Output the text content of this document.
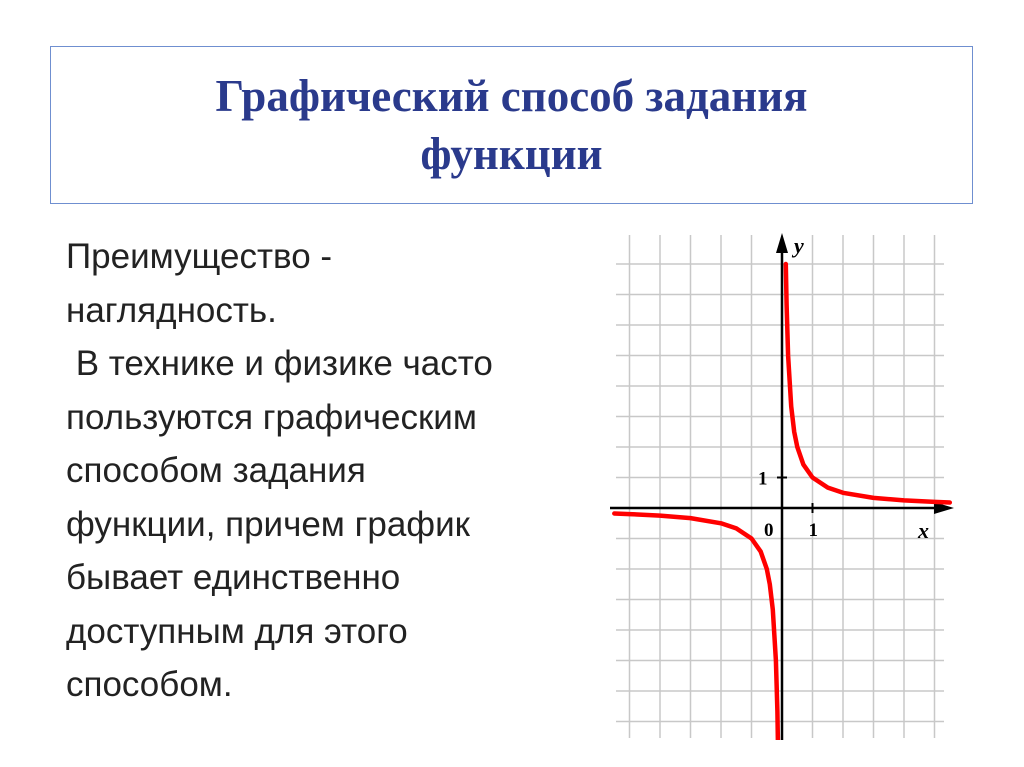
Графический способ задания
функции
Преимущество -
наглядность.
В технике и физике часто
пользуются графическим
способом задания
функции, причем график
бывает единственно
доступным для этого
способом.
0 1
1
x
y
